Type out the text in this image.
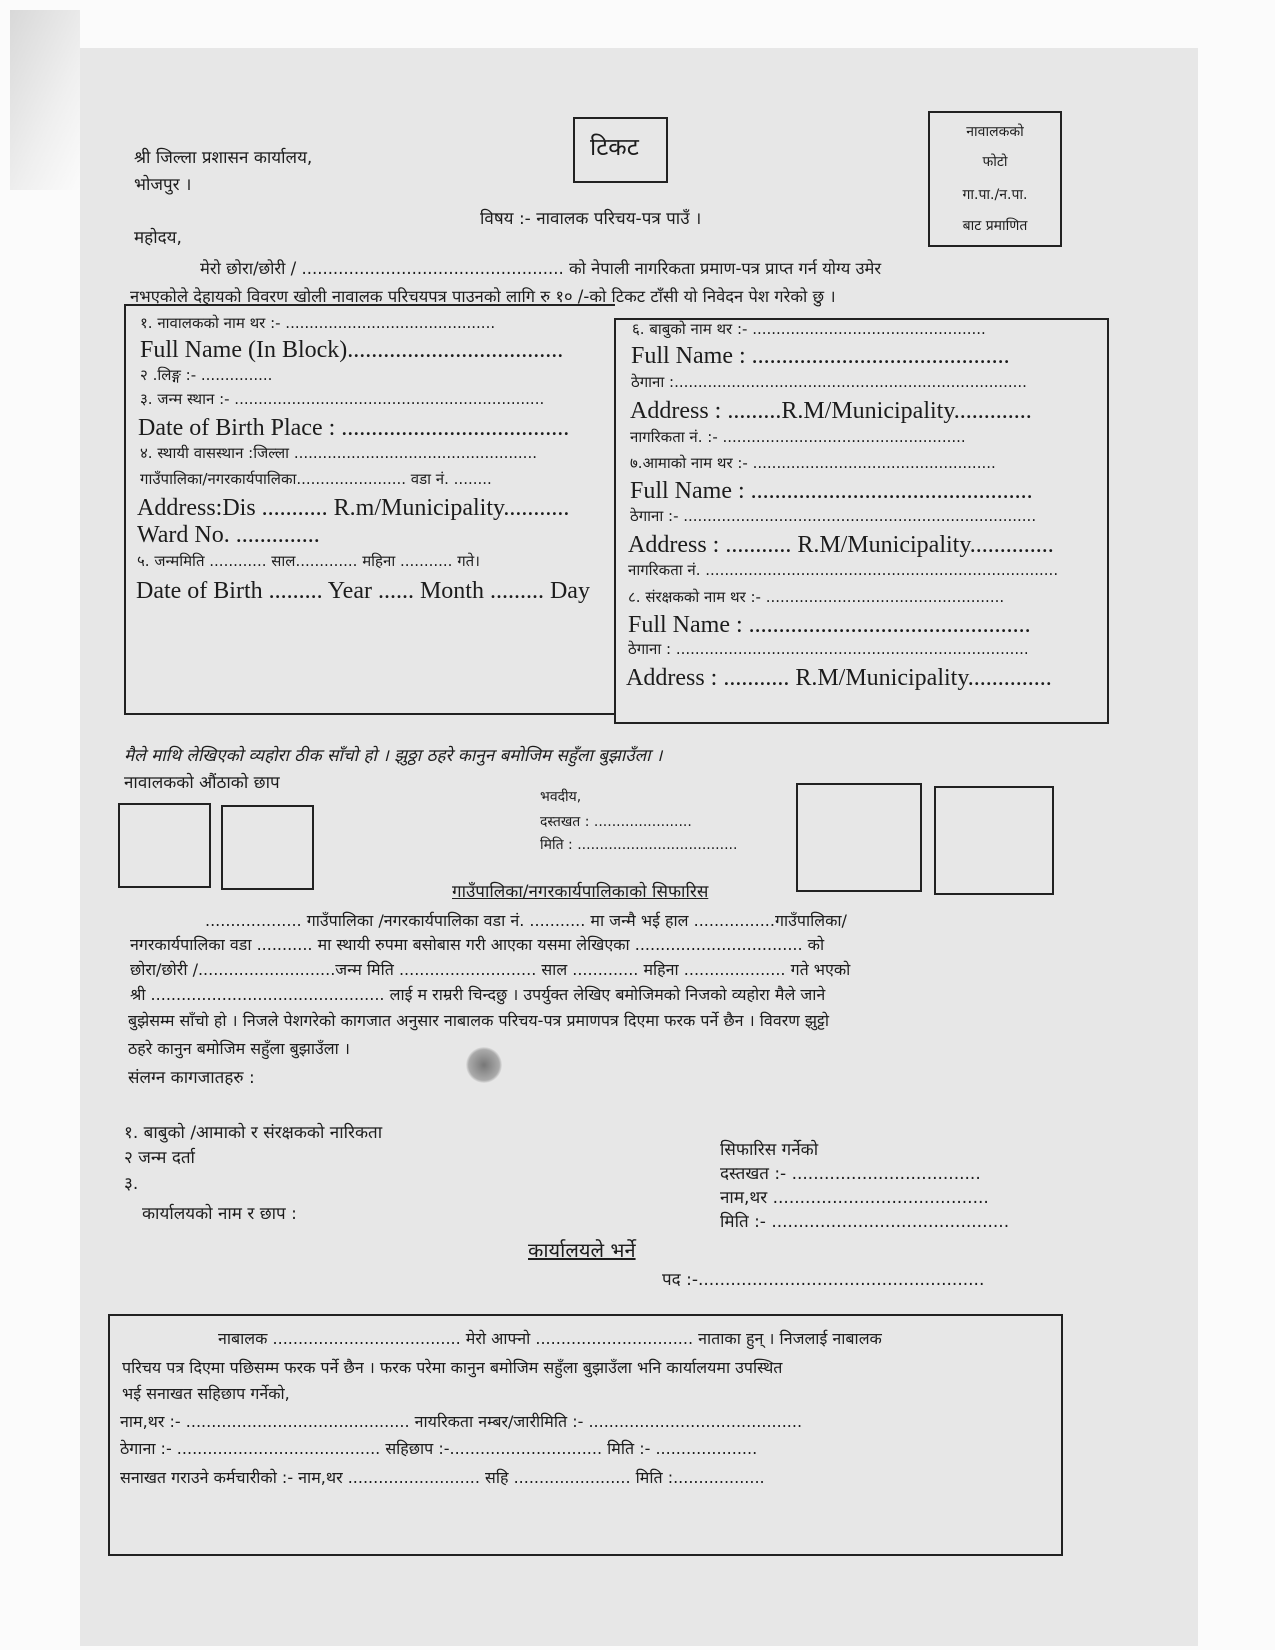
श्री जिल्ला प्रशासन कार्यालय,
भोजपुर ।
टिकट
नावालकको
फोटो
गा.पा./न.पा.
बाट प्रमाणित
विषय :- नावालक परिचय-पत्र पाउँ ।
महोदय,
मेरो छोरा/छोरी / .................................................. को नेपाली नागरिकता प्रमाण-पत्र प्राप्त गर्न योग्य उमेर
नभएकोले देहायको विवरण खोली नावालक परिचयपत्र पाउनको लागि रु १० /-को टिकट टाँसी यो निवेदन पेश गरेको छु ।
१. नावालकको नाम थर :- ............................................
Full Name (In Block)....................................
२ .लिङ्ग :- ...............
३. जन्म स्थान :- .................................................................
Date of Birth Place : ......................................
४. स्थायी वासस्थान :जिल्ला ...................................................
गाउँपालिका/नगरकार्यपालिका....................... वडा नं. ........
Address:Dis ........... R.m/Municipality...........
Ward No. ..............
५. जन्ममिति ............ साल............. महिना ........... गते।
Date of Birth ......... Year ...... Month ......... Day
६. बाबुको नाम थर :- .................................................
Full Name : ...........................................
ठेगाना :..........................................................................
Address : .........R.M/Municipality.............
नागरिकता नं. :- ...................................................
७.आमाको नाम थर :- ...................................................
Full Name : ...............................................
ठेगाना :- ..........................................................................
Address : ........... R.M/Municipality..............
नागरिकता नं. ..........................................................................
८. संरक्षकको नाम थर :- ..................................................
Full Name : ...............................................
ठेगाना : ..........................................................................
Address : ........... R.M/Municipality..............
मैले माथि लेखिएको व्यहोरा ठीक साँचो हो । झुठ्ठा ठहरे कानुन बमोजिम सहुँला बुझाउँला ।
नावालकको औंठाको छाप
भवदीय,
दस्तखत : ......................
मिति : ....................................
गाउँपालिका/नगरकार्यपालिकाको सिफारिस
................... गाउँपालिका /नगरकार्यपालिका वडा नं. ........... मा जन्मै भई हाल ................गाउँपालिका/
नगरकार्यपालिका वडा ........... मा स्थायी रुपमा बसोबास गरी आएका यसमा लेखिएका ................................. को
छोरा/छोरी /...........................जन्म मिति ........................... साल ............. महिना .................... गते भएको
श्री .............................................. लाई म राम्ररी चिन्दछु । उपर्युक्त लेखिए बमोजिमको निजको व्यहोरा मैले जाने
बुझेसम्म साँचो हो । निजले पेशगरेको कागजात अनुसार नाबालक परिचय-पत्र प्रमाणपत्र दिएमा फरक पर्ने छैन । विवरण झुट्टो
ठहरे कानुन बमोजिम सहुँला बुझाउँला ।
संलग्न कागजातहरु :
१. बाबुको /आमाको र संरक्षकको नारिकता
२ जन्म दर्ता
३.
कार्यालयको नाम र छाप :
सिफारिस गर्नेको
दस्तखत :- ...................................
नाम,थर ........................................
मिति :- ............................................
कार्यालयले भर्ने
पद :-.....................................................
नाबालक ..................................... मेरो आफ्नो ............................... नाताका हुन् । निजलाई नाबालक
परिचय पत्र दिएमा पछिसम्म फरक पर्ने छैन । फरक परेमा कानुन बमोजिम सहुँला बुझाउँला भनि कार्यालयमा उपस्थित
भई सनाखत सहिछाप गर्नेको,
नाम,थर :- ............................................ नायरिकता नम्बर/जारीमिति :- ..........................................
ठेगाना :- ........................................ सहिछाप :-.............................. मिति :- ....................
सनाखत गराउने कर्मचारीको :- नाम,थर .......................... सहि ....................... मिति :..................
